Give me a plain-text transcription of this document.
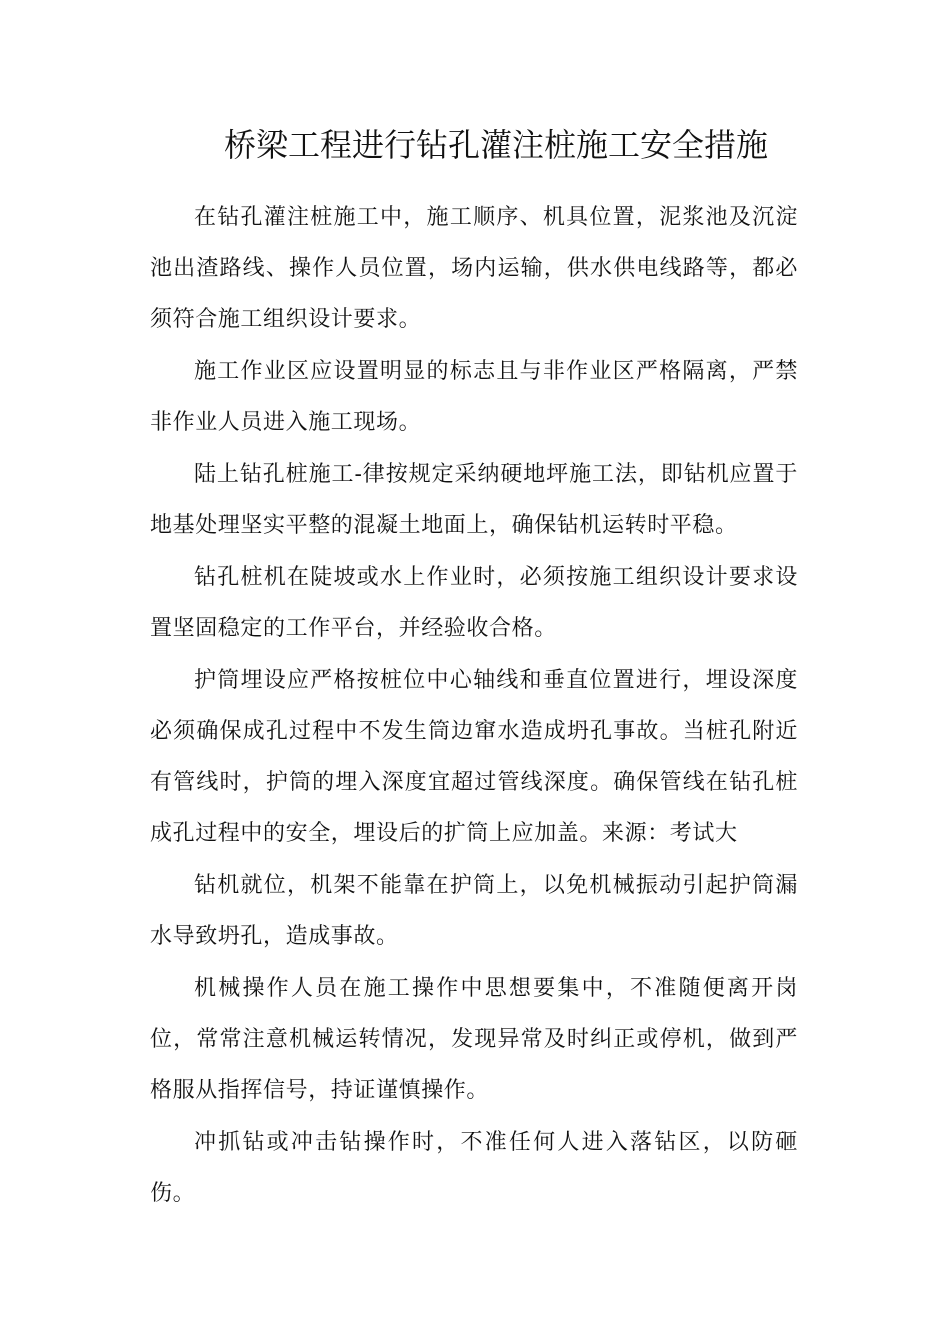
桥梁工程进行钻孔灌注桩施工安全措施

在钻孔灌注桩施工中，施工顺序、机具位置，泥浆池及沉淀池出渣路线、操作人员位置，场内运输，供水供电线路等，都必须符合施工组织设计要求。

施工作业区应设置明显的标志且与非作业区严格隔离，严禁非作业人员进入施工现场。

陆上钻孔桩施工-律按规定采纳硬地坪施工法，即钻机应置于地基处理坚实平整的混凝土地面上，确保钻机运转时平稳。

钻孔桩机在陡坡或水上作业时，必须按施工组织设计要求设置坚固稳定的工作平台，并经验收合格。

护筒埋设应严格按桩位中心轴线和垂直位置进行，埋设深度必须确保成孔过程中不发生筒边窜水造成坍孔事故。当桩孔附近有管线时，护筒的埋入深度宜超过管线深度。确保管线在钻孔桩成孔过程中的安全，埋设后的扩筒上应加盖。来源：考试大

钻机就位，机架不能靠在护筒上，以免机械振动引起护筒漏水导致坍孔，造成事故。

机械操作人员在施工操作中思想要集中，不准随便离开岗位，常常注意机械运转情况，发现异常及时纠正或停机，做到严格服从指挥信号，持证谨慎操作。

冲抓钻或冲击钻操作时，不准任何人进入落钻区，以防砸伤。
